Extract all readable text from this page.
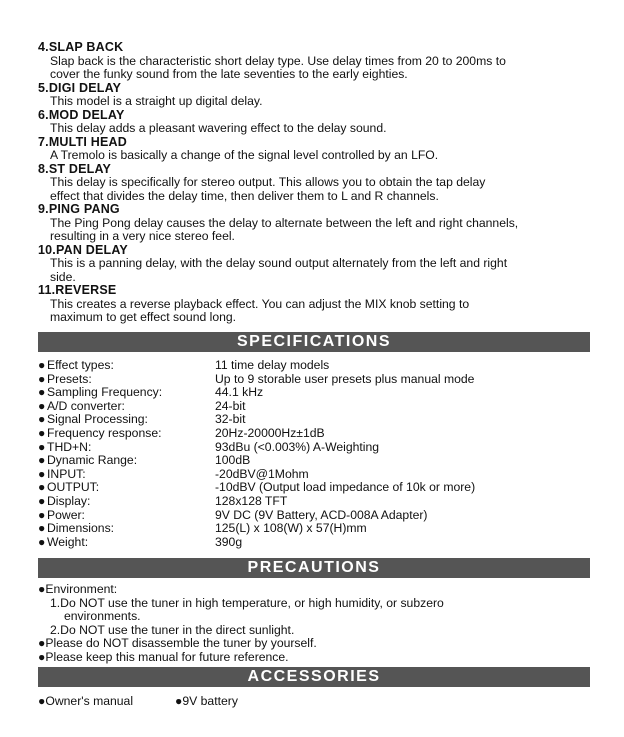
4.SLAP BACK
Slap back is the characteristic short delay type. Use delay times from 20 to 200ms to
cover the funky sound from the late seventies to the early eighties.
5.DIGI DELAY
This model is a straight up digital delay.
6.MOD DELAY
This delay adds a pleasant wavering effect to the delay sound.
7.MULTI HEAD
A Tremolo is basically a change of the signal level controlled by an LFO.
8.ST DELAY
This delay is specifically for stereo output. This allows you to obtain the tap delay
effect that divides the delay time, then deliver them to L and R channels.
9.PING PANG
The Ping Pong delay causes the delay to alternate between the left and right channels,
resulting in a very nice stereo feel.
10.PAN DELAY
This is a panning delay, with the delay sound output alternately from the left and right
side.
11.REVERSE
This creates a reverse playback effect. You can adjust the MIX knob setting to
maximum to get effect sound long.
SPECIFICATIONS
● Effect types:	11 time delay models
● Presets:	Up to 9 storable user presets plus manual mode
● Sampling Frequency:	44.1 kHz
● A/D converter:	24-bit
● Signal Processing:	32-bit
● Frequency response:	20Hz-20000Hz±1dB
● THD+N:	93dBu (<0.003%) A-Weighting
● Dynamic Range:	100dB
● INPUT:	-20dBV@1Mohm
● OUTPUT:	-10dBV (Output load impedance of 10k or more)
● Display:	128x128 TFT
● Power:	9V DC (9V Battery, ACD-008A Adapter)
● Dimensions:	125(L) x 108(W) x 57(H)mm
● Weight:	390g
PRECAUTIONS
●Environment:
1.Do NOT use the tuner in high temperature, or high humidity, or subzero
environments.
2.Do NOT use the tuner in the direct sunlight.
●Please do NOT disassemble the tuner by yourself.
●Please keep this manual for future reference.
ACCESSORIES
●Owner's manual	●9V battery
